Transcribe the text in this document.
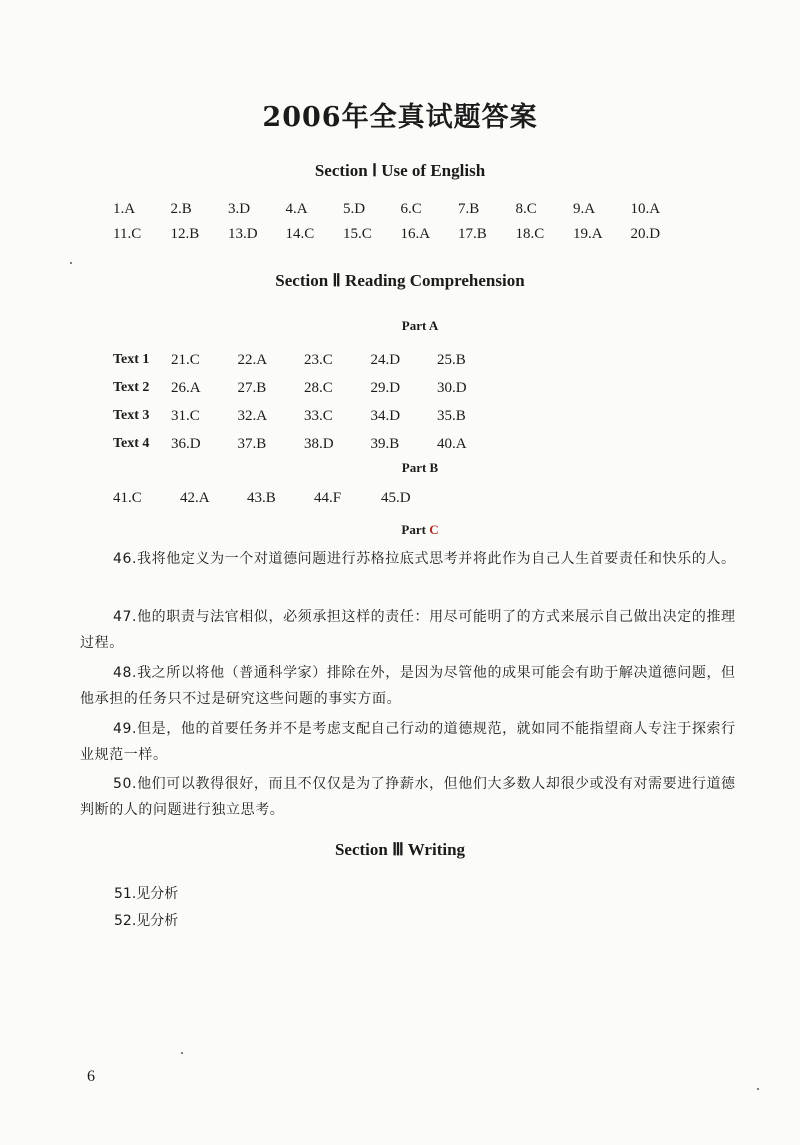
2006年全真试题答案
Section Ⅰ Use of English
1.A	2.B	3.D	4.A	5.D	6.C	7.B	8.C	9.A	10.A
11.C	12.B	13.D	14.C	15.C	16.A	17.B	18.C	19.A	20.D
Section Ⅱ Reading Comprehension
Part A
Text 1	21.C	22.A	23.C	24.D	25.B
Text 2	26.A	27.B	28.C	29.D	30.D
Text 3	31.C	32.A	33.C	34.D	35.B
Text 4	36.D	37.B	38.D	39.B	40.A
Part B
41.C	42.A	43.B	44.F	45.D
Part C
46.我将他定义为一个对道德问题进行苏格拉底式思考并将此作为自己人生首要责任和快乐的人。
47.他的职责与法官相似，必须承担这样的责任：用尽可能明了的方式来展示自己做出决定的推理过程。
48.我之所以将他（普通科学家）排除在外，是因为尽管他的成果可能会有助于解决道德问题，但他承担的任务只不过是研究这些问题的事实方面。
49.但是，他的首要任务并不是考虑支配自己行动的道德规范，就如同不能指望商人专注于探索行业规范一样。
50.他们可以教得很好，而且不仅仅是为了挣薪水，但他们大多数人却很少或没有对需要进行道德判断的人的问题进行独立思考。
Section Ⅲ Writing
51.见分析
52.见分析
6
